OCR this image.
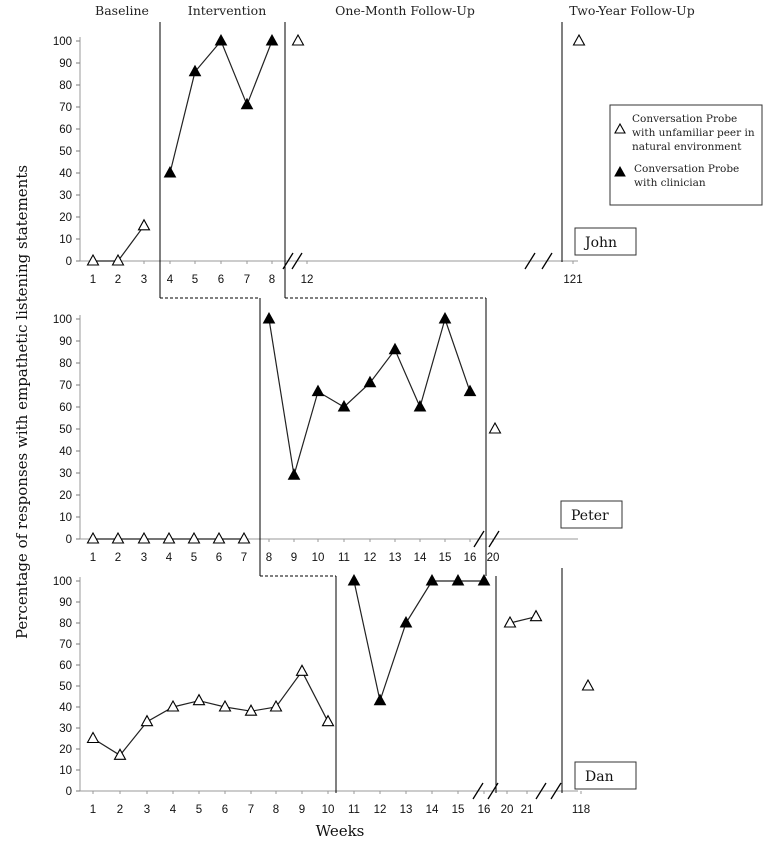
Baseline	Intervention	One-Month Follow-Up	Two-Year Follow-Up
Percentage of responses with empathetic listening statements
Weeks
Conversation Probe
with unfamiliar peer in
natural environment
Conversation Probe
with clinician
0
10
20
30
40
50
60
70
80
90
100
1 2 3 4 5 6 7 8 12	121
John
0
10
20
30
40
50
60
70
80
90
100
1 2 3 4 5 6 7 8 9 10 11 12 13 14 15 16 20
Peter
0
10
20
30
40
50
60
70
80
90
100
1 2 3 4 5 6 7 8 9 10 11 12 13 14 15 16 20 21	118
Dan
